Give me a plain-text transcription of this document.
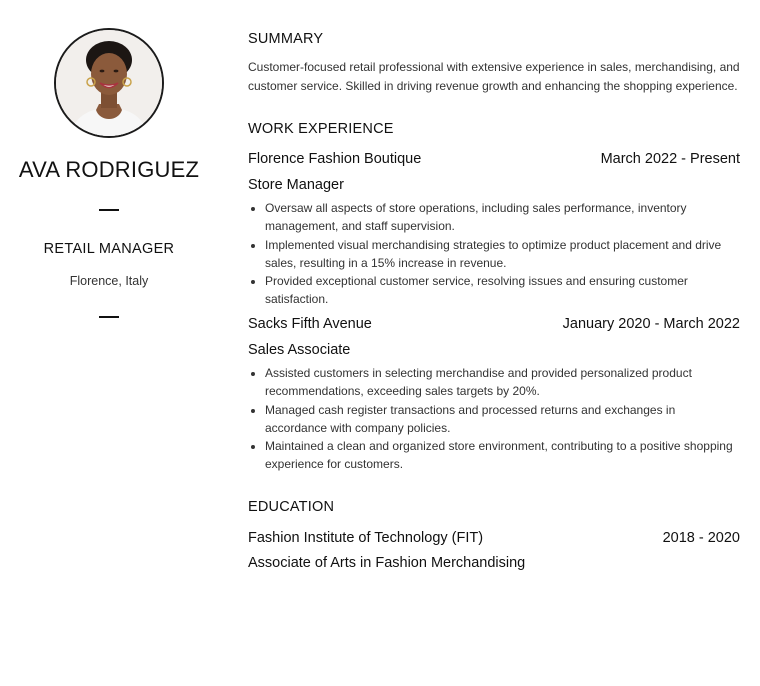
AVA RODRIGUEZ
RETAIL MANAGER
Florence, Italy
SUMMARY
Customer-focused retail professional with extensive experience in sales, merchandising, and customer service. Skilled in driving revenue growth and enhancing the shopping experience.
WORK EXPERIENCE
Florence Fashion Boutique	March 2022 - Present
Store Manager
• Oversaw all aspects of store operations, including sales performance, inventory management, and staff supervision.
• Implemented visual merchandising strategies to optimize product placement and drive sales, resulting in a 15% increase in revenue.
• Provided exceptional customer service, resolving issues and ensuring customer satisfaction.
Sacks Fifth Avenue	January 2020 - March 2022
Sales Associate
• Assisted customers in selecting merchandise and provided personalized product recommendations, exceeding sales targets by 20%.
• Managed cash register transactions and processed returns and exchanges in accordance with company policies.
• Maintained a clean and organized store environment, contributing to a positive shopping experience for customers.
EDUCATION
Fashion Institute of Technology (FIT)	2018 - 2020
Associate of Arts in Fashion Merchandising
